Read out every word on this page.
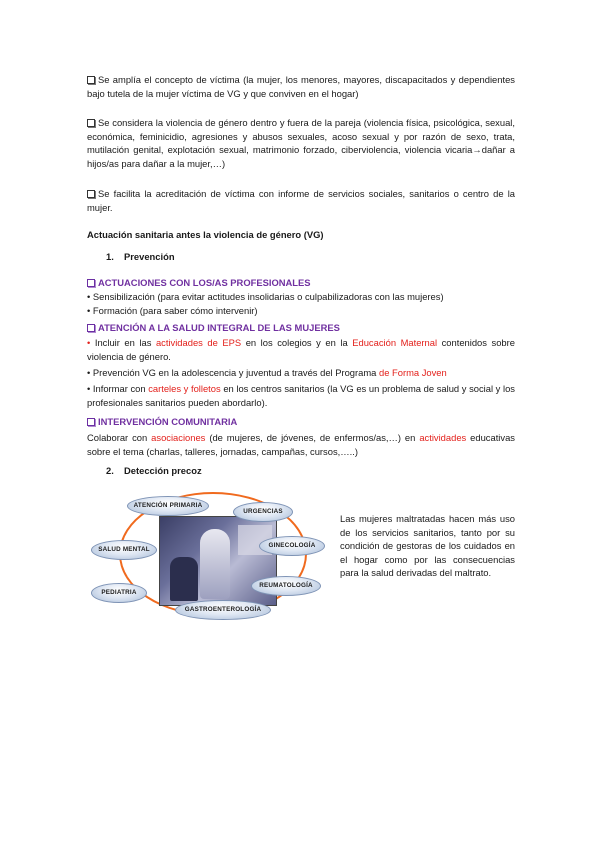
Se amplía el concepto de víctima (la mujer, los menores, mayores, discapacitados y dependientes bajo tutela de la mujer víctima de VG y que conviven en el hogar)

Se considera la violencia de género dentro y fuera de la pareja (violencia física, psicológica, sexual, económica, feminicidio, agresiones y abusos sexuales, acoso sexual y por razón de sexo, trata, mutilación genital, explotación sexual, matrimonio forzado, ciberviolencia, violencia vicaria→dañar a hijos/as para dañar a la mujer,…)

Se facilita la acreditación de víctima con informe de servicios sociales, sanitarios o centro de la mujer.

Actuación sanitaria antes la violencia de género (VG)

1. Prevención

ACTUACIONES CON LOS/AS PROFESIONALES

• Sensibilización (para evitar actitudes insolidarias o culpabilizadoras con las mujeres)

• Formación (para saber cómo intervenir)

ATENCIÓN A LA SALUD INTEGRAL DE LAS MUJERES

• Incluir en las actividades de EPS en los colegios y en la Educación Maternal contenidos sobre violencia de género.

• Prevención VG en la adolescencia y juventud a través del Programa de Forma Joven

• Informar con carteles y folletos en los centros sanitarios (la VG es un problema de salud y social y los profesionales sanitarios pueden abordarlo).

INTERVENCIÓN COMUNITARIA

Colaborar con asociaciones (de mujeres, de jóvenes, de enfermos/as,…) en actividades educativas sobre el tema (charlas, talleres, jornadas, campañas, cursos,…..)

2. Detección precoz

ATENCIÓN PRIMARIA
URGENCIAS
SALUD MENTAL
GINECOLOGÍA
PEDIATRIA
REUMATOLOGÍA
GASTROENTEROLOGÍA

Las mujeres maltratadas hacen más uso de los servicios sanitarios, tanto por su condición de gestoras de los cuidados en el hogar como por las consecuencias para la salud derivadas del maltrato.
